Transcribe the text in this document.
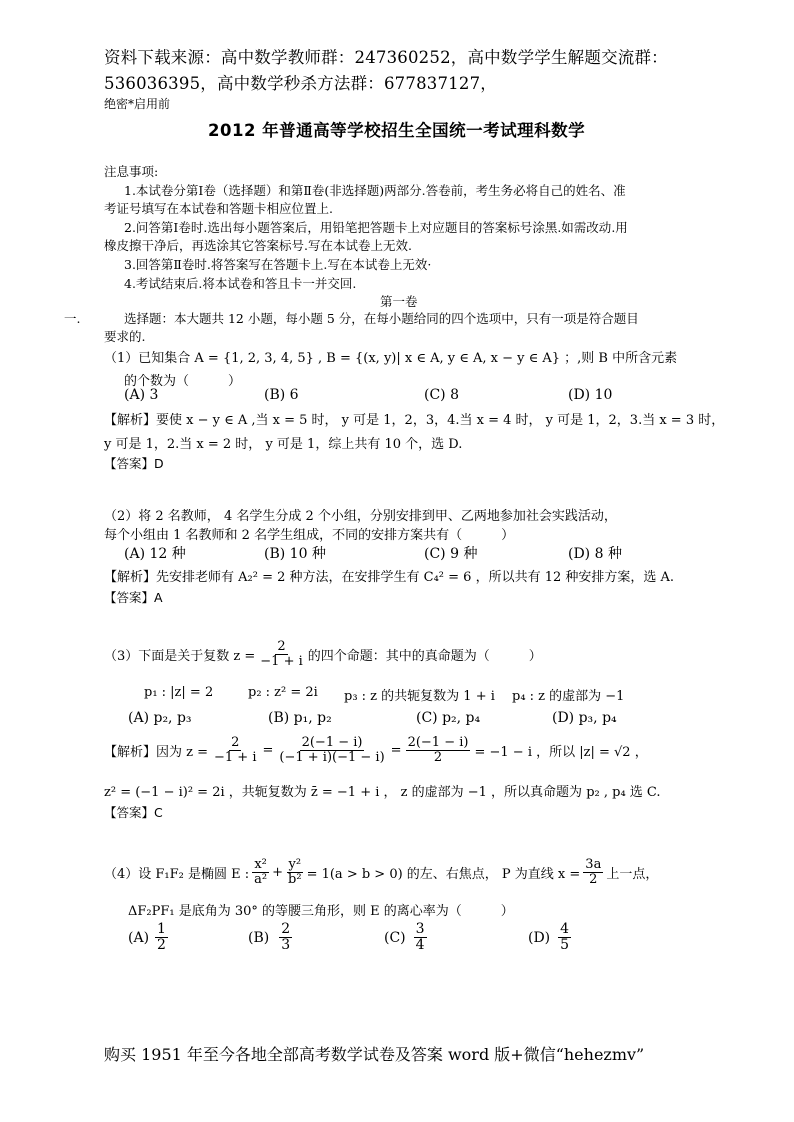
资料下载来源：高中数学教师群：247360252，高中数学学生解题交流群：
536036395，高中数学秒杀方法群：677837127，
绝密*启用前
2012 年普通高等学校招生全国统一考试理科数学
注息事项:
1.本试卷分第Ⅰ卷（选择题）和第Ⅱ卷(非选择题)两部分.答卷前，考生务必将自己的姓名、准
考证号填写在本试卷和答题卡相应位置上.
2.问答第Ⅰ卷时.选出每小题答案后，用铅笔把答题卡上对应题目的答案标号涂黑.如需改动.用
橡皮擦干净后，再选涂其它答案标号.写在本试卷上无效.
3.回答第Ⅱ卷时.将答案写在答题卡上.写在本试卷上无效·
4.考试结束后.将本试卷和答且卡一并交回.
第一卷
一.	选择题：本大题共 12 小题，每小题 5 分，在每小题给同的四个选项中，只有一项是符合题目
要求的.
（1）已知集合 A = {1, 2, 3, 4, 5} , B = {(x, y)| x ∈ A, y ∈ A, x − y ∈ A} ；,则 B 中所含元素
的个数为（　　　）
(A) 3	(B) 6	(C) 8	(D) 10
【解析】要使 x − y ∈ A ,当 x = 5 时， y 可是 1，2，3，4.当 x = 4 时， y 可是 1，2，3.当 x = 3 时，
y 可是 1，2.当 x = 2 时， y 可是 1，综上共有 10 个，选 D.
【答案】D
（2）将 2 名教师， 4 名学生分成 2 个小组，分别安排到甲、乙两地参加社会实践活动，
每个小组由 1 名教师和 2 名学生组成，不同的安排方案共有（　　　）
(A) 12 种	(B) 10 种	(C) 9 种	(D) 8 种
【解析】先安排老师有 A₂² = 2 种方法，在安排学生有 C₄² = 6 ，所以共有 12 种安排方案，选 A.
【答案】A
（3）下面是关于复数 $z = \frac{2}{-1 + i}$ 的四个命题：其中的真命题为（　　　）
p₁ : |z| = 2	p₂ : z² = 2i p₃ : z 的共轭复数为 1 + i p₄ : z 的虚部为 −1
(A) p₂, p₃	(B) p₁, p₂	(C) p₂, p₄	(D) p₃, p₄
【解析】因为 $z = \frac{2}{-1 + i} = \frac{2(-1 - i)}{(-1 + i)(-1 - i)} = \frac{2(-1 - i)}{2} = -1 - i$ ，所以 |z| = √2 ，
z² = (−1 − i)² = 2i ，共轭复数为 z̄ = −1 + i ， z 的虚部为 −1 ，所以真命题为 p₂ , p₄ 选 C.
【答案】C
（4）设 F₁F₂ 是椭圆 E : $\frac{\text{x²}}{\text{a²}} + \frac{\text{y²}}{\text{b²}} = 1(a > b > 0)$ 的左、右焦点， P 为直线 $x = \frac{3a}{2}$ 上一点，
ΔF₂PF₁ 是底角为 30° 的等腰三角形，则 E 的离心率为（　　　）
$(A) \frac{1}{2}$	$(B) \frac{2}{3}$	$(C) \frac{3}{4}$	$(D) \frac{4}{5}$
购买 1951 年至今各地全部高考数学试卷及答案 word 版+微信“hehezmv”
